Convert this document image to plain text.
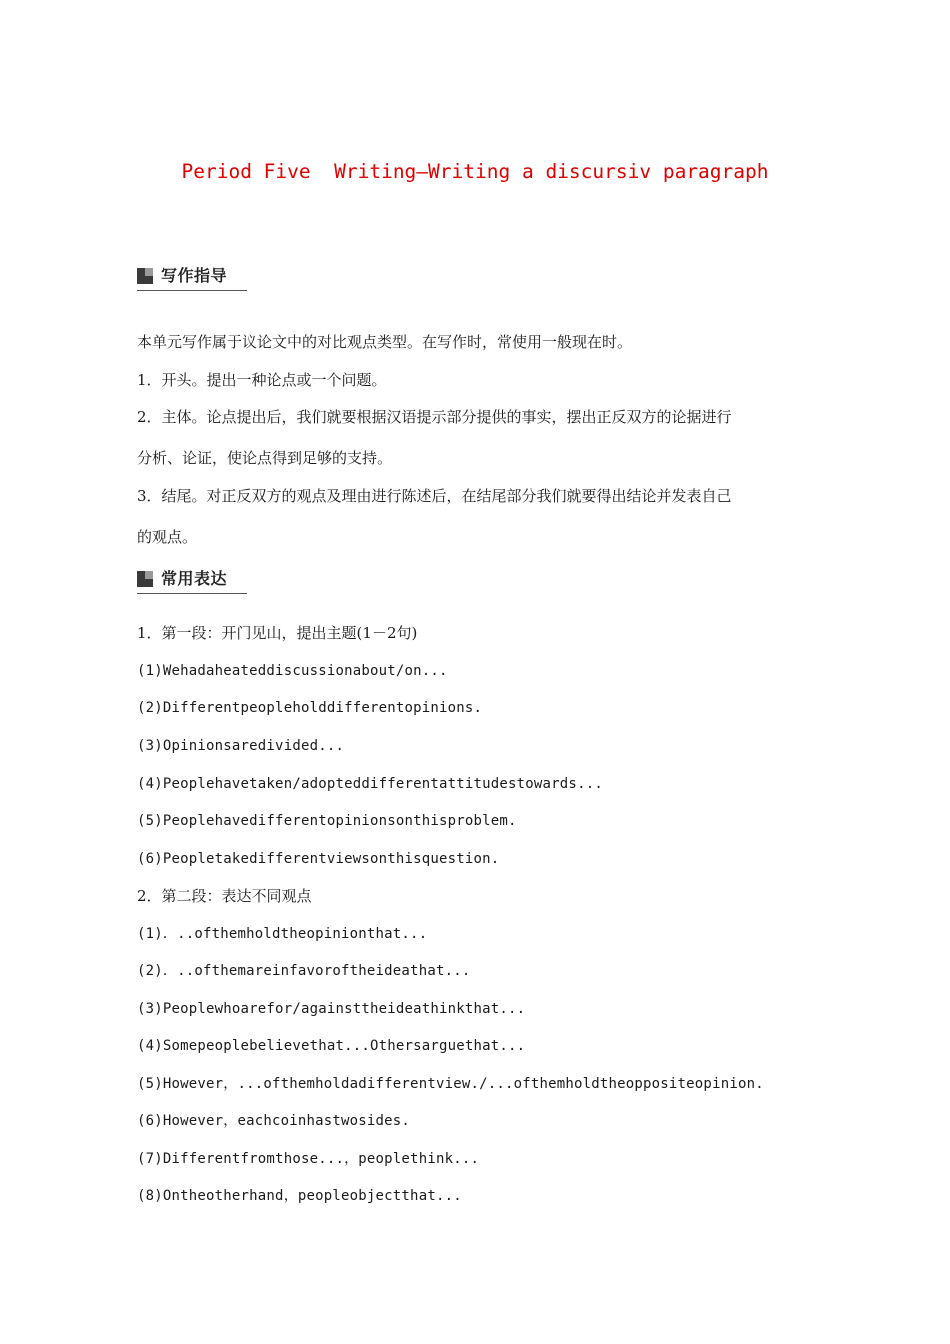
Period Five  Writing—Writing a discursiv paragraph
写作指导

本单元写作属于议论文中的对比观点类型。在写作时，常使用一般现在时。

1．开头。提出一种论点或一个问题。

2．主体。论点提出后，我们就要根据汉语提示部分提供的事实，摆出正反双方的论据进行

分析、论证，使论点得到足够的支持。

3．结尾。对正反双方的观点及理由进行陈述后，在结尾部分我们就要得出结论并发表自己

的观点。

常用表达

1．第一段：开门见山，提出主题(1－2句)

(1)Wehadaheateddiscussionabout/on...

(2)Differentpeopleholddifferentopinions.

(3)Opinionsaredivided...

(4)Peoplehavetaken/adopteddifferentattitudestowards...

(5)Peoplehavedifferentopinionsonthisproblem.

(6)Peopletakedifferentviewsonthisquestion.

2．第二段：表达不同观点

(1)．..ofthemholdtheopinionthat...

(2)．..ofthemareinfavoroftheideathat...

(3)Peoplewhoarefor/againsttheideathinkthat...

(4)Somepeoplebelievethat...Othersarguethat...

(5)However，...ofthemholdadifferentview./...ofthemholdtheoppositeopinion.

(6)However，eachcoinhastwosides.

(7)Differentfromthose...，peoplethink...

(8)Ontheotherhand，peopleobjectthat...
